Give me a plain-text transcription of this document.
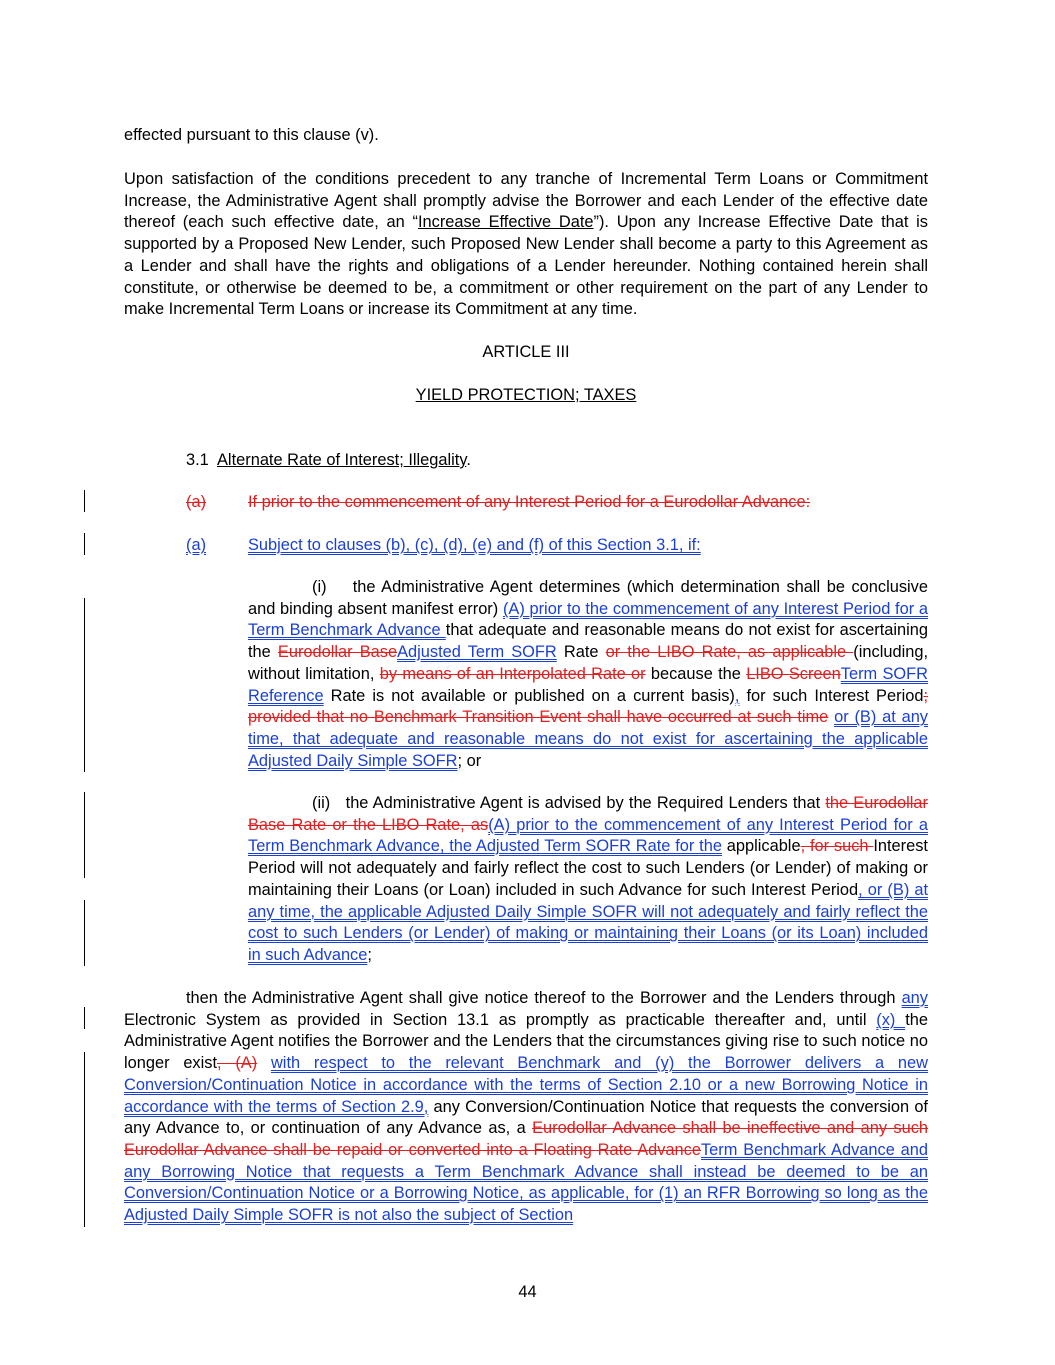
effected pursuant to this clause (v).

Upon satisfaction of the conditions precedent to any tranche of Incremental Term Loans or Commitment Increase, the Administrative Agent shall promptly advise the Borrower and each Lender of the effective date thereof (each such effective date, an “Increase Effective Date”). Upon any Increase Effective Date that is supported by a Proposed New Lender, such Proposed New Lender shall become a party to this Agreement as a Lender and shall have the rights and obligations of a Lender hereunder. Nothing contained herein shall constitute, or otherwise be deemed to be, a commitment or other requirement on the part of any Lender to make Incremental Term Loans or increase its Commitment at any time.

ARTICLE III

YIELD PROTECTION; TAXES

3.1 Alternate Rate of Interest; Illegality.

(a)	If prior to the commencement of any Interest Period for a Eurodollar Advance:

(a)	Subject to clauses (b), (c), (d), (e) and (f) of this Section 3.1, if:

(i)    the Administrative Agent determines (which determination shall be conclusive and binding absent manifest error) (A) prior to the commencement of any Interest Period for a Term Benchmark Advance that adequate and reasonable means do not exist for ascertaining the Eurodollar BaseAdjusted Term SOFR Rate or the LIBO Rate, as applicable (including, without limitation, by means of an Interpolated Rate or because the LIBO ScreenTerm SOFR Reference Rate is not available or published on a current basis), for such Interest Period; provided that no Benchmark Transition Event shall have occurred at such time or (B) at any time, that adequate and reasonable means do not exist for ascertaining the applicable Adjusted Daily Simple SOFR; or

(ii)   the Administrative Agent is advised by the Required Lenders that the Eurodollar Base Rate or the LIBO Rate, as(A) prior to the commencement of any Interest Period for a Term Benchmark Advance, the Adjusted Term SOFR Rate for the applicable, for such Interest Period will not adequately and fairly reflect the cost to such Lenders (or Lender) of making or maintaining their Loans (or Loan) included in such Advance for such Interest Period, or (B) at any time, the applicable Adjusted Daily Simple SOFR will not adequately and fairly reflect the cost to such Lenders (or Lender) of making or maintaining their Loans (or its Loan) included in such Advance;

then the Administrative Agent shall give notice thereof to the Borrower and the Lenders through any Electronic System as provided in Section 13.1 as promptly as practicable thereafter and, until (x) the Administrative Agent notifies the Borrower and the Lenders that the circumstances giving rise to such notice no longer exist, (A) with respect to the relevant Benchmark and (y) the Borrower delivers a new Conversion/Continuation Notice in accordance with the terms of Section 2.10 or a new Borrowing Notice in accordance with the terms of Section 2.9, any Conversion/Continuation Notice that requests the conversion of any Advance to, or continuation of any Advance as, a Eurodollar Advance shall be ineffective and any such Eurodollar Advance shall be repaid or converted into a Floating Rate AdvanceTerm Benchmark Advance and any Borrowing Notice that requests a Term Benchmark Advance shall instead be deemed to be an Conversion/Continuation Notice or a Borrowing Notice, as applicable, for (1) an RFR Borrowing so long as the Adjusted Daily Simple SOFR is not also the subject of Section

44
